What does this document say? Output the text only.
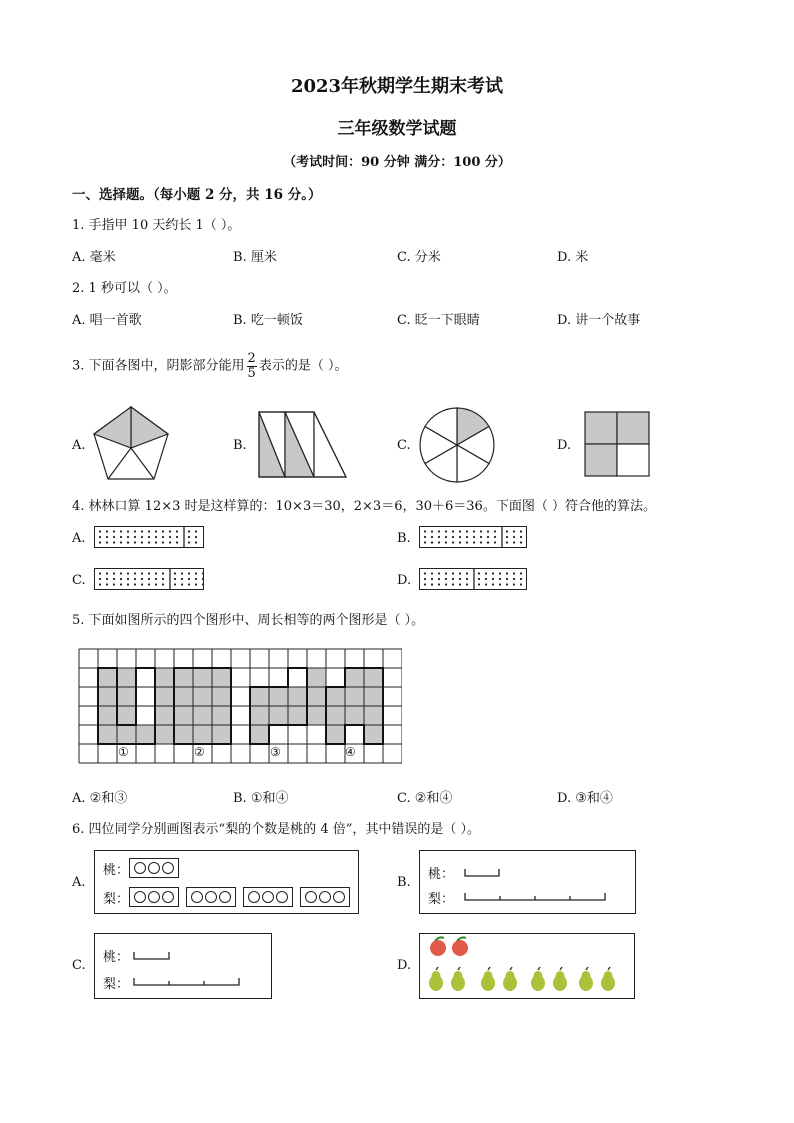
2023年秋期学生期末考试
三年级数学试题
（考试时间：90 分钟 满分：100 分）
一、选择题。（每小题 2 分，共 16 分。）
1. 手指甲 10 天约长 1（ ）。
A. 毫米	B. 厘米	C. 分米	D. 米
2. 1 秒可以（ ）。
A. 唱一首歌	B. 吃一顿饭	C. 眨一下眼睛	D. 讲一个故事
3. 下面各图中，阴影部分能用 $\frac{2}{5}$ 表示的是（ ）。
A.	B.	C.	D.
4. 林林口算 12×3 时是这样算的：10×3＝30，2×3＝6，30＋6＝36。下面图（ ）符合他的算法。
A.	B.
C.	D.
5. 下面如图所示的四个图形中、周长相等的两个图形是（ ）。
①	②	③	④
A. ②和③	B. ①和④	C. ②和④	D. ③和④
6. 四位同学分别画图表示“梨的个数是桃的 4 倍”，其中错误的是（ ）。
A.
桃：
梨：
B.
桃：
梨：
C.
桃：
梨：
D.
